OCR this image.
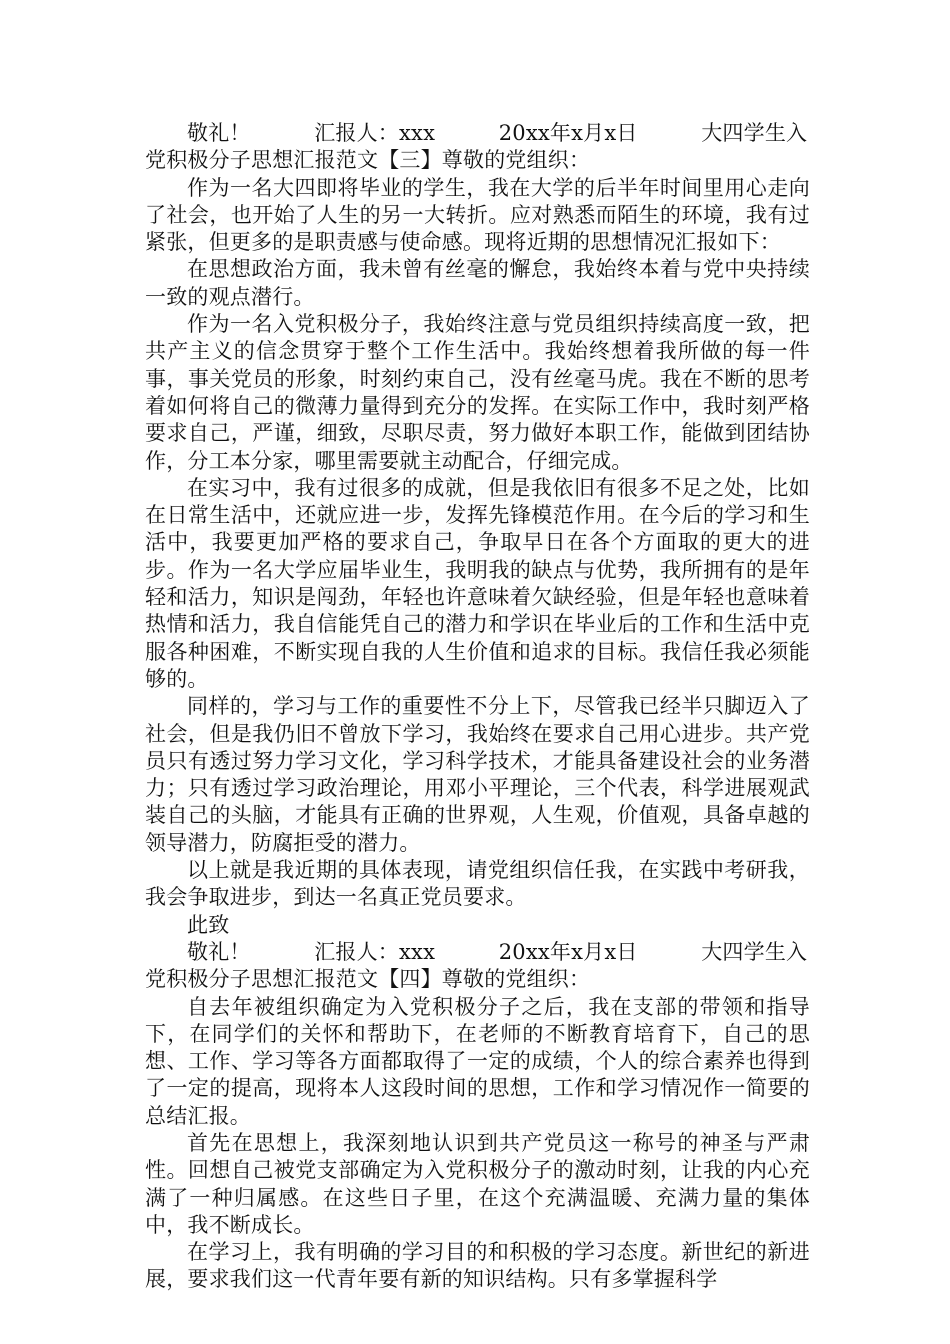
敬礼！　　　汇报人：xxx　　　20xx年x月x日　　　大四学生入党积极分子思想汇报范文【三】尊敬的党组织：

作为一名大四即将毕业的学生，我在大学的后半年时间里用心走向了社会，也开始了人生的另一大转折。应对熟悉而陌生的环境，我有过紧张，但更多的是职责感与使命感。现将近期的思想情况汇报如下：

在思想政治方面，我未曾有丝毫的懈怠，我始终本着与党中央持续一致的观点潜行。

作为一名入党积极分子，我始终注意与党员组织持续高度一致，把共产主义的信念贯穿于整个工作生活中。我始终想着我所做的每一件事，事关党员的形象，时刻约束自己，没有丝毫马虎。我在不断的思考着如何将自己的微薄力量得到充分的发挥。在实际工作中，我时刻严格要求自己，严谨，细致，尽职尽责，努力做好本职工作，能做到团结协作，分工本分家，哪里需要就主动配合，仔细完成。

在实习中，我有过很多的成就，但是我依旧有很多不足之处，比如在日常生活中，还就应进一步，发挥先锋模范作用。在今后的学习和生活中，我要更加严格的要求自己，争取早日在各个方面取的更大的进步。作为一名大学应届毕业生，我明我的缺点与优势，我所拥有的是年轻和活力，知识是闯劲，年轻也许意味着欠缺经验，但是年轻也意味着热情和活力，我自信能凭自己的潜力和学识在毕业后的工作和生活中克服各种困难，不断实现自我的人生价值和追求的目标。我信任我必须能够的。

同样的，学习与工作的重要性不分上下，尽管我已经半只脚迈入了社会，但是我仍旧不曾放下学习，我始终在要求自己用心进步。共产党员只有透过努力学习文化，学习科学技术，才能具备建设社会的业务潜力；只有透过学习政治理论，用邓小平理论，三个代表，科学进展观武装自己的头脑，才能具有正确的世界观，人生观，价值观，具备卓越的领导潜力，防腐拒受的潜力。

以上就是我近期的具体表现，请党组织信任我，在实践中考研我，我会争取进步，到达一名真正党员要求。

此致

敬礼！　　　汇报人：xxx　　　20xx年x月x日　　　大四学生入党积极分子思想汇报范文【四】尊敬的党组织：

自去年被组织确定为入党积极分子之后，我在支部的带领和指导下，在同学们的关怀和帮助下，在老师的不断教育培育下，自己的思想、工作、学习等各方面都取得了一定的成绩，个人的综合素养也得到了一定的提高，现将本人这段时间的思想，工作和学习情况作一简要的总结汇报。

首先在思想上，我深刻地认识到共产党员这一称号的神圣与严肃性。回想自己被党支部确定为入党积极分子的激动时刻，让我的内心充满了一种归属感。在这些日子里，在这个充满温暖、充满力量的集体中，我不断成长。

在学习上，我有明确的学习目的和积极的学习态度。新世纪的新进展，要求我们这一代青年要有新的知识结构。只有多掌握科学
